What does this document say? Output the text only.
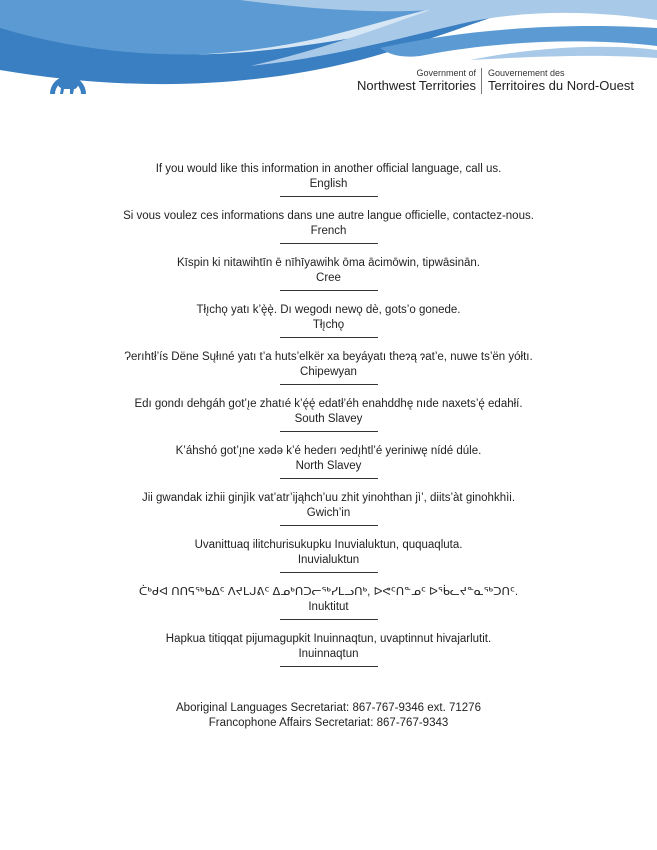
Government of
Northwest Territories
Gouvernement des
Territoires du Nord-Ouest
If you would like this information in another official language, call us.
English
Si vous voulez ces informations dans une autre langue officielle, contactez-nous.
French
Kīspin ki nitawihtīn ē nīhīyawihk ōma ācimōwin, tipwāsinān.
Cree
Tłı̨chǫ yatı k’ę̀ę̀. Dı wegodı newǫ dè, gots’o gonede.
Tłı̨chǫ
Ɂerıhtł’ís Dëne Sųłıné yatı t’a huts’elkër xa beyáyatı theɂą ɂat’e, nuwe ts’ën yółtı.
Chipewyan
Edı gondı dehgáh got’ı̨e zhatıé k’ę́ę́ edatł’éh enahddhę nıde naxets’ę́ edahłí.
South Slavey
K’áhshó got’ı̨ne xǝdǝ k’é hederı ɂedı̨htl’é yeriniwę nídé dúle.
North Slavey
Jii gwandak izhii ginjìk vat’atr’ijąhch’uu zhit yinohthan jì’, diits’àt ginohkhìi.
Gwich’in
Uvanittuaq ilitchurisukupku Inuvialuktun, ququaqluta.
Inuvialuktun
ᑖᒃᑯᐊ ᑎᑎᕋᖅᑲᐃᑦ ᐱᔪᒪᒍᕕᑦ ᐃᓄᒃᑎᑐᓕᕐᒃᓯᒪᓗᑎᒃ, ᐅᕙᑦᑎᓐᓄᑦ ᐅᖄᓚᔪᓐᓇᖅᑐᑎᑦ.
Inuktitut
Hapkua titiqqat pijumagupkit Inuinnaqtun, uvaptinnut hivajarlutit.
Inuinnaqtun
Aboriginal Languages Secretariat: 867-767-9346 ext. 71276
Francophone Affairs Secretariat: 867-767-9343
